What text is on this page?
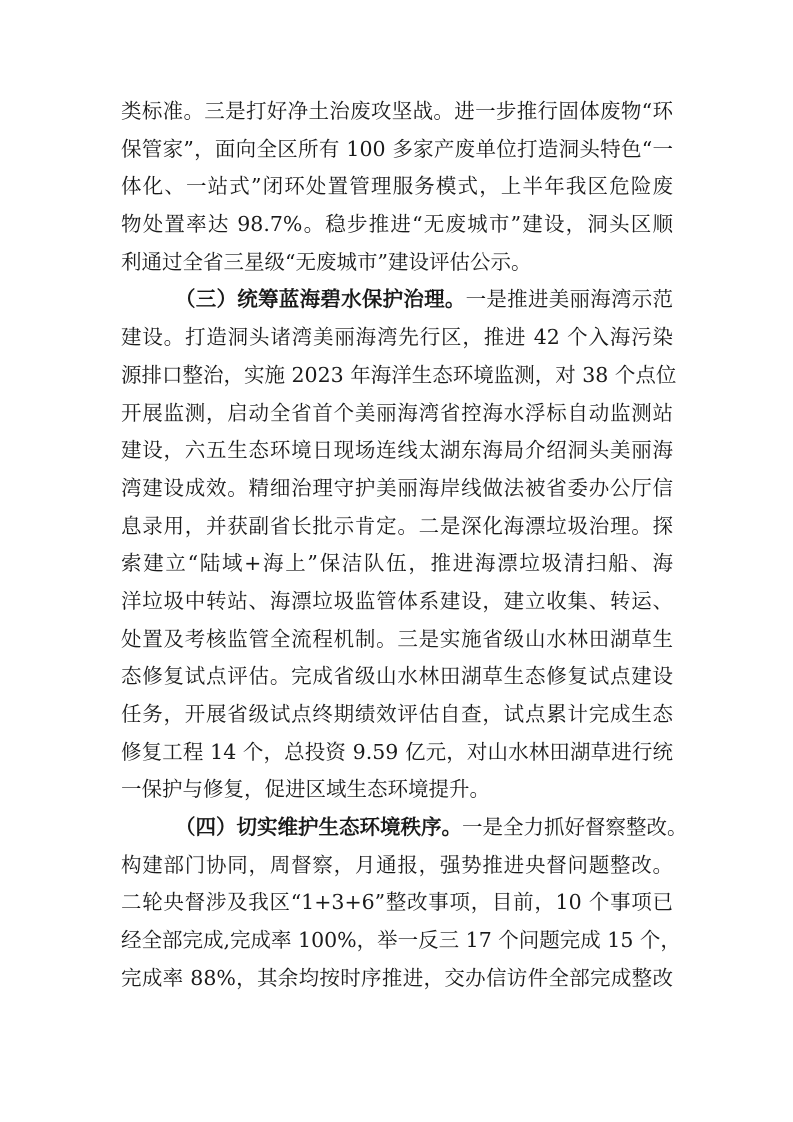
类标准。三是打好净土治废攻坚战。进一步推行固体废物“环
保管家”，面向全区所有 100 多家产废单位打造洞头特色“一
体化、一站式”闭环处置管理服务模式，上半年我区危险废
物处置率达 98.7%。稳步推进“无废城市”建设，洞头区顺
利通过全省三星级“无废城市”建设评估公示。
（三）统筹蓝海碧水保护治理。一是推进美丽海湾示范
建设。打造洞头诸湾美丽海湾先行区，推进 42 个入海污染
源排口整治，实施 2023 年海洋生态环境监测，对 38 个点位
开展监测，启动全省首个美丽海湾省控海水浮标自动监测站
建设，六五生态环境日现场连线太湖东海局介绍洞头美丽海
湾建设成效。精细治理守护美丽海岸线做法被省委办公厅信
息录用，并获副省长批示肯定。二是深化海漂垃圾治理。探
索建立“陆域+海上”保洁队伍，推进海漂垃圾清扫船、海
洋垃圾中转站、海漂垃圾监管体系建设，建立收集、转运、
处置及考核监管全流程机制。三是实施省级山水林田湖草生
态修复试点评估。完成省级山水林田湖草生态修复试点建设
任务，开展省级试点终期绩效评估自查，试点累计完成生态
修复工程 14 个，总投资 9.59 亿元，对山水林田湖草进行统
一保护与修复，促进区域生态环境提升。
（四）切实维护生态环境秩序。一是全力抓好督察整改。
构建部门协同，周督察，月通报，强势推进央督问题整改。
二轮央督涉及我区“1+3+6”整改事项，目前，10 个事项已
经全部完成,完成率 100%，举一反三 17 个问题完成 15 个，
完成率 88%，其余均按时序推进，交办信访件全部完成整改
